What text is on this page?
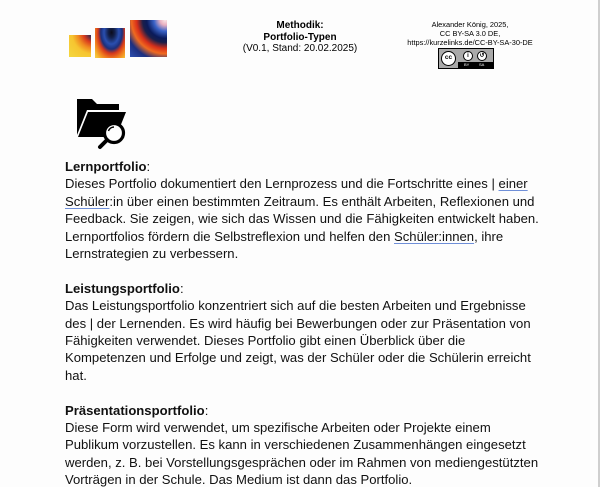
Methodik:
Portfolio-Typen
(V0.1, Stand: 20.02.2025)
Alexander König, 2025,
CC BY-SA 3.0 DE,
https://kurzelinks.de/CC-BY-SA-30-DE
cc	i	↺
BY SA
Lernportfolio:

Dieses Portfolio dokumentiert den Lernprozess und die Fortschritte eines | einer Schüler:in über einen bestimmten Zeitraum. Es enthält Arbeiten, Reflexionen und Feedback. Sie zeigen, wie sich das Wissen und die Fähigkeiten entwickelt haben. Lernportfolios fördern die Selbstreflexion und helfen den Schüler:innen, ihre Lernstrategien zu verbessern.

Leistungsportfolio:

Das Leistungsportfolio konzentriert sich auf die besten Arbeiten und Ergebnisse des | der Lernenden. Es wird häufig bei Bewerbungen oder zur Präsentation von Fähigkeiten verwendet. Dieses Portfolio gibt einen Überblick über die Kompetenzen und Erfolge und zeigt, was der Schüler oder die Schülerin erreicht hat.

Präsentationsportfolio:

Diese Form wird verwendet, um spezifische Arbeiten oder Projekte einem Publikum vorzustellen. Es kann in verschiedenen Zusammenhängen eingesetzt werden, z. B. bei Vorstellungsgesprächen oder im Rahmen von mediengestützten Vorträgen in der Schule. Das Medium ist dann das Portfolio.
